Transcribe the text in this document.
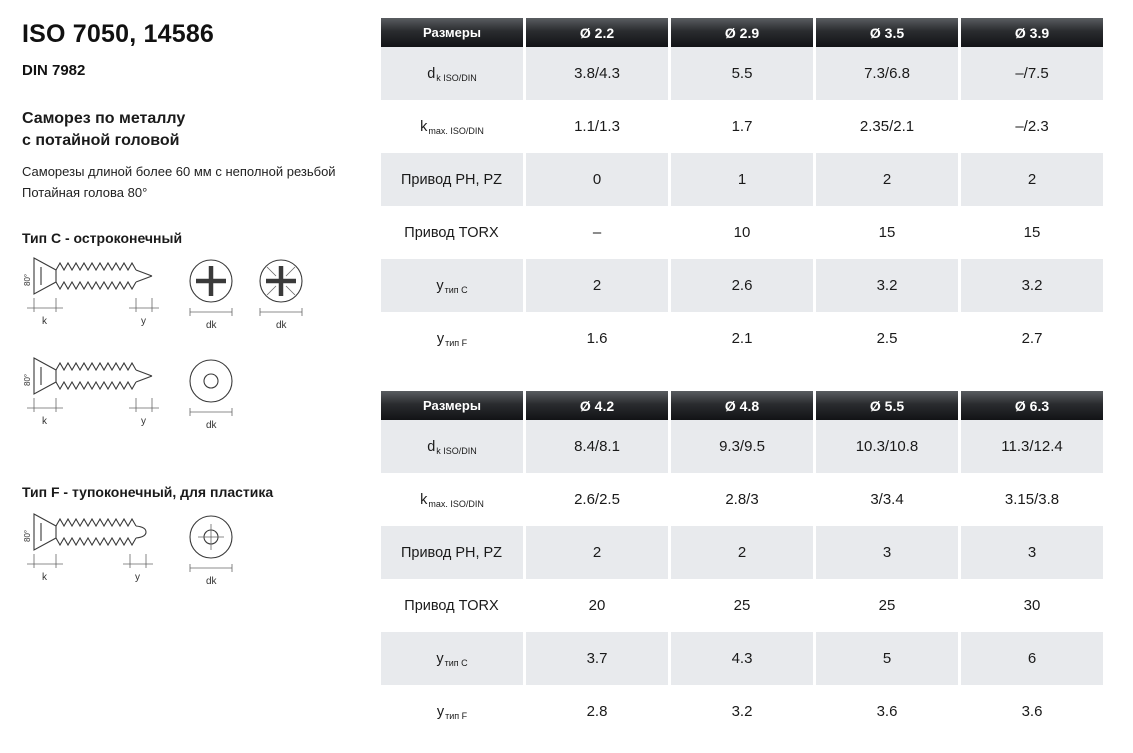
ISO 7050, 14586
DIN 7982
Саморез по металлу
с потайной головой
Саморезы длиной более 60 мм с неполной резьбой
Потайная голова 80°
Тип C - остроконечный
k	y
80°
dk	dk
k	y
80°
dk
Тип F - тупоконечный, для пластика
k	y
80°
dk
Размеры	Ø 2.2	Ø 2.9	Ø 3.5	Ø 3.9
d k ISO/DIN	3.8/4.3	5.5	7.3/6.8	–/7.5
k max. ISO/DIN	1.1/1.3	1.7	2.35/2.1	–/2.3
Привод PH, PZ	0	1	2	2
Привод TORX	–	10	15	15
у тип C	2	2.6	3.2	3.2
у тип F	1.6	2.1	2.5	2.7
Размеры	Ø 4.2	Ø 4.8	Ø 5.5	Ø 6.3
d k ISO/DIN	8.4/8.1	9.3/9.5	10.3/10.8	11.3/12.4
k max. ISO/DIN	2.6/2.5	2.8/3	3/3.4	3.15/3.8
Привод PH, PZ	2	2	3	3
Привод TORX	20	25	25	30
у тип C	3.7	4.3	5	6
у тип F	2.8	3.2	3.6	3.6
